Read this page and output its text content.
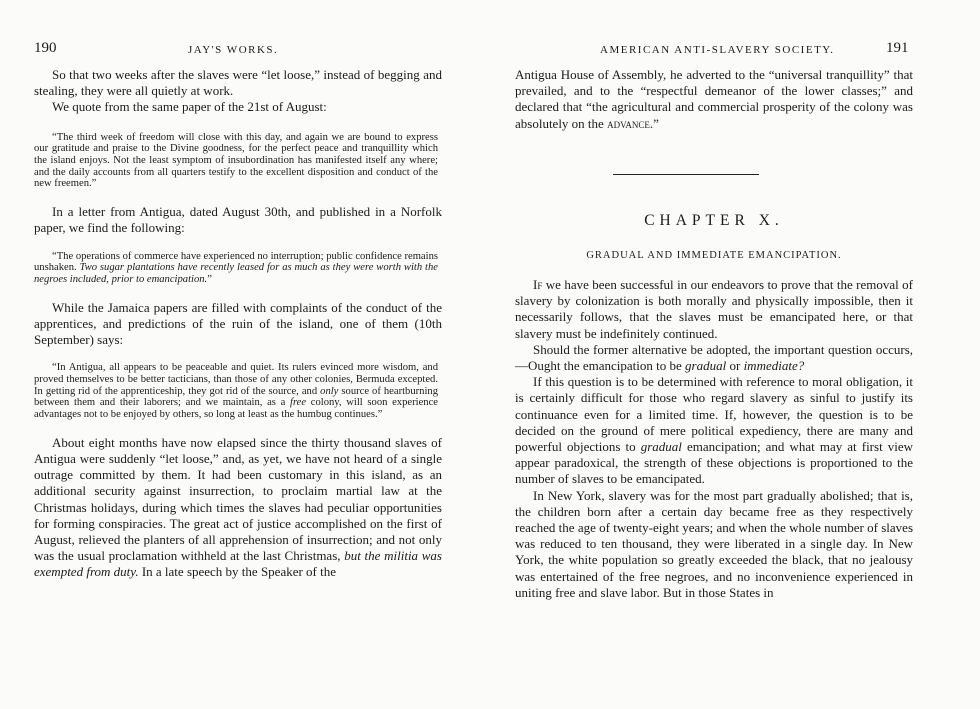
190	JAY'S WORKS.

So that two weeks after the slaves were “let loose,” instead of begging and stealing, they were all quietly at work.

We quote from the same paper of the 21st of August:

“The third week of freedom will close with this day, and again we are bound to express our gratitude and praise to the Divine goodness, for the perfect peace and tranquillity which the island enjoys. Not the least symptom of insubordination has manifested itself any where; and the daily accounts from all quarters testify to the excellent disposition and conduct of the new freemen.”

In a letter from Antigua, dated August 30th, and published in a Norfolk paper, we find the following:

“The operations of commerce have experienced no interruption; public confidence remains unshaken. Two sugar plantations have recently leased for as much as they were worth with the negroes included, prior to emancipation.”

While the Jamaica papers are filled with complaints of the conduct of the apprentices, and predictions of the ruin of the island, one of them (10th September) says:

“In Antigua, all appears to be peaceable and quiet. Its rulers evinced more wisdom, and proved themselves to be better tacticians, than those of any other colonies, Bermuda excepted. In getting rid of the apprenticeship, they got rid of the source, and only source of heartburning between them and their laborers; and we maintain, as a free colony, will soon experience advantages not to be enjoyed by others, so long at least as the humbug continues.”

About eight months have now elapsed since the thirty thousand slaves of Antigua were suddenly “let loose,” and, as yet, we have not heard of a single outrage committed by them. It had been customary in this island, as an additional security against insurrection, to proclaim martial law at the Christmas holidays, during which times the slaves had peculiar opportunities for forming conspiracies. The great act of justice accomplished on the first of August, relieved the planters of all apprehension of insurrection; and not only was the usual proclamation withheld at the last Christmas, but the militia was exempted from duty. In a late speech by the Speaker of the

AMERICAN ANTI-SLAVERY SOCIETY.	191

Antigua House of Assembly, he adverted to the “universal tranquillity” that prevailed, and to the “respectful demeanor of the lower classes;” and declared that “the agricultural and commercial prosperity of the colony was absolutely on the advance.”

CHAPTER X.
GRADUAL AND IMMEDIATE EMANCIPATION.

If we have been successful in our endeavors to prove that the removal of slavery by colonization is both morally and physically impossible, then it necessarily follows, that the slaves must be emancipated here, or that slavery must be indefinitely continued.

Should the former alternative be adopted, the important question occurs,—Ought the emancipation to be gradual or immediate?

If this question is to be determined with reference to moral obligation, it is certainly difficult for those who regard slavery as sinful to justify its continuance even for a limited time. If, however, the question is to be decided on the ground of mere political expediency, there are many and powerful objections to gradual emancipation; and what may at first view appear paradoxical, the strength of these objections is proportioned to the number of slaves to be emancipated.

In New York, slavery was for the most part gradually abolished; that is, the children born after a certain day became free as they respectively reached the age of twenty-eight years; and when the whole number of slaves was reduced to ten thousand, they were liberated in a single day. In New York, the white population so greatly exceeded the black, that no jealousy was entertained of the free negroes, and no inconvenience experienced in uniting free and slave labor. But in those States in
